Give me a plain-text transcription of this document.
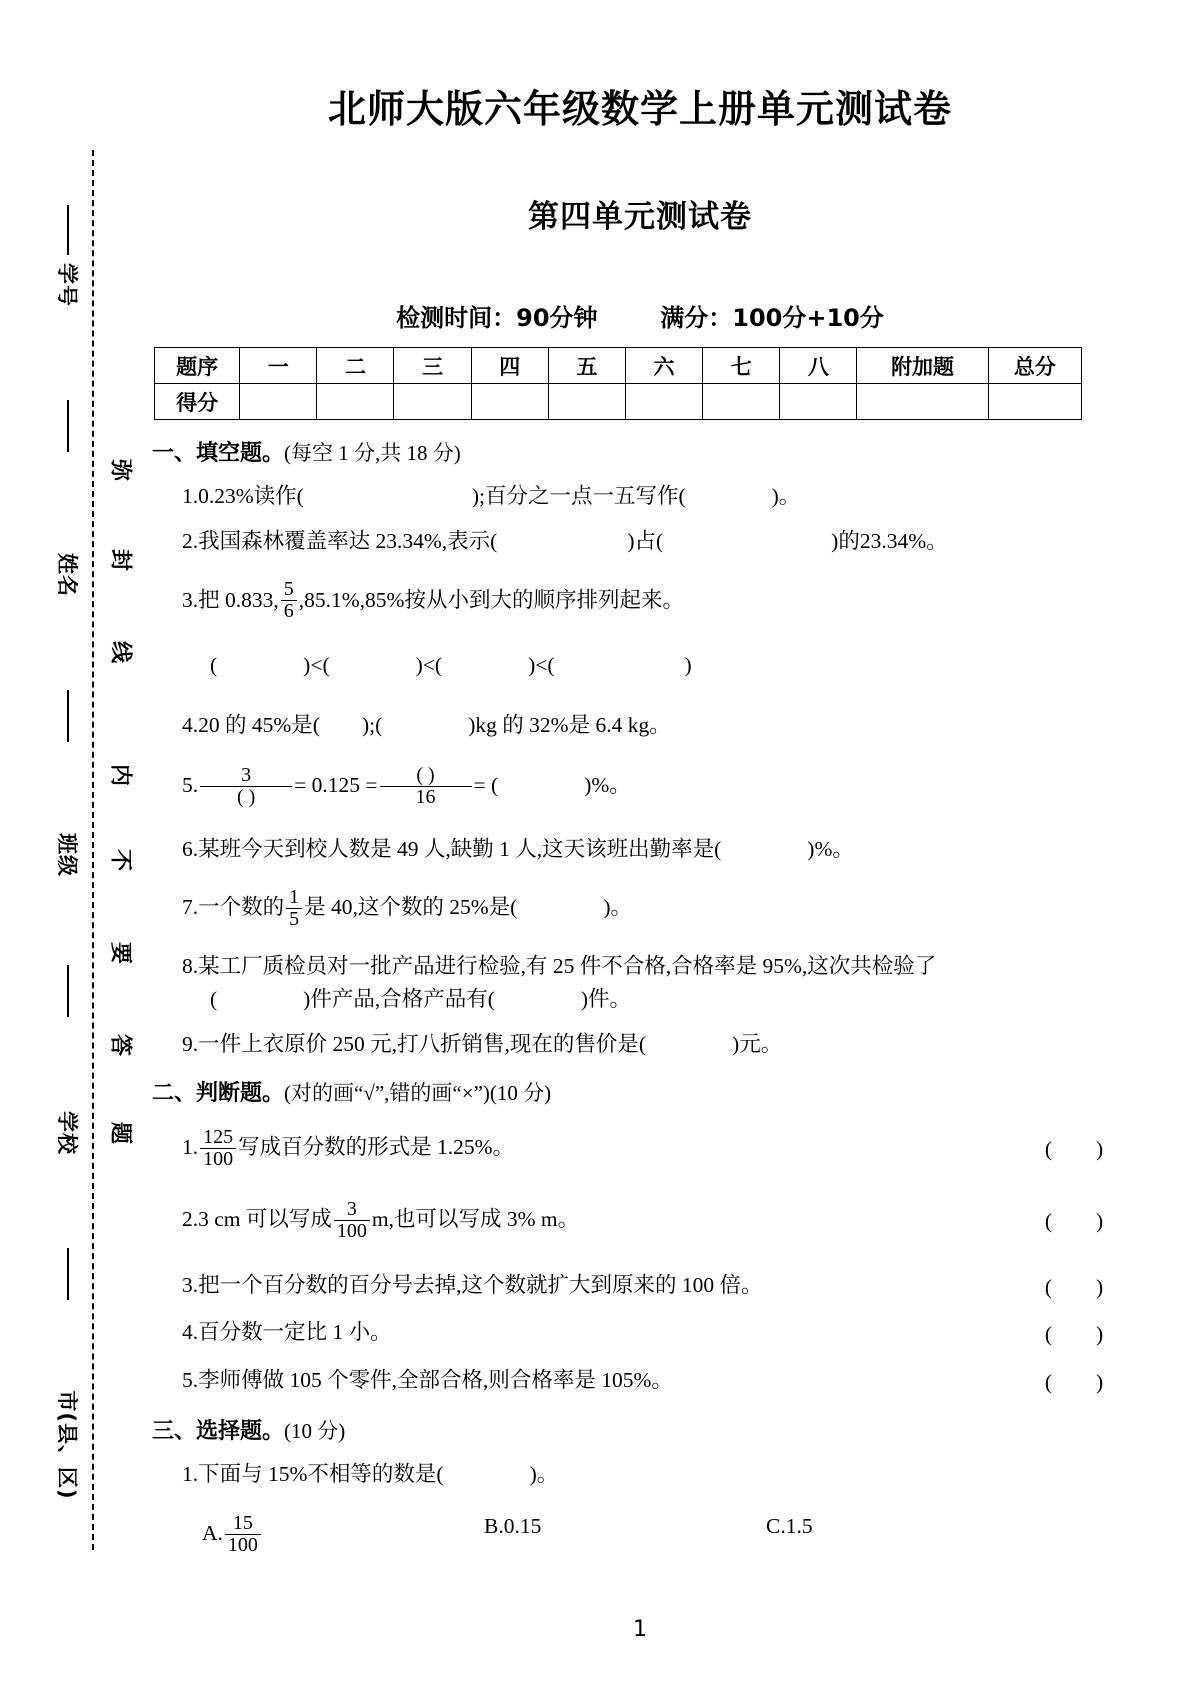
学号
姓名
班级
学校
市(县、区)
弥
封
线
内
不
要
答
题
北师大版六年级数学上册单元测试卷
第四单元测试卷
检测时间：90分钟	满分：100分+10分
题序	一	二	三	四	五	六	七	八	附加题	总分
得分										
一、填空题。(每空 1 分,共 18 分)
1.0.23%读作(	);百分之一点一五写作(	)。
2.我国森林覆盖率达 23.34%,表示(	)占(	)的23.34%。
3.把 0.833, $\frac{5}{6} ,85.1\%,85\%$按从小到大的顺序排列起来。
(	)<(	)<(	)<(	)
4.20 的 45%是( );(	)kg 的 32%是 6.4 kg。
5. $\frac{3}{( )} = 0.125 = \frac{( )}{16}$ = (	)%。
6.某班今天到校人数是 49 人,缺勤 1 人,这天该班出勤率是(	)%。
7.一个数的 $\frac{1}{5}$ 是 40,这个数的 25%是(	)。
8.某工厂质检员对一批产品进行检验,有 25 件不合格,合格率是 95%,这次共检验了
(	)件产品,合格产品有(	)件。
9.一件上衣原价 250 元,打八折销售,现在的售价是(	)元。
二、判断题。(对的画“√”,错的画“×”)(10 分)
1. $\frac{125}{100}$ 写成百分数的形式是 1.25%。	( )
2.3 cm 可以写成 $\frac{3}{100} m$,也可以写成 3% m。	( )
3.把一个百分数的百分号去掉,这个数就扩大到原来的 100 倍。	( )
4.百分数一定比 1 小。	( )
5.李师傅做 105 个零件,全部合格,则合格率是 105%。	( )
三、选择题。(10 分)
1.下面与 15%不相等的数是(	)。
A. $\frac{15}{100}$	B.0.15	C.1.5
1
